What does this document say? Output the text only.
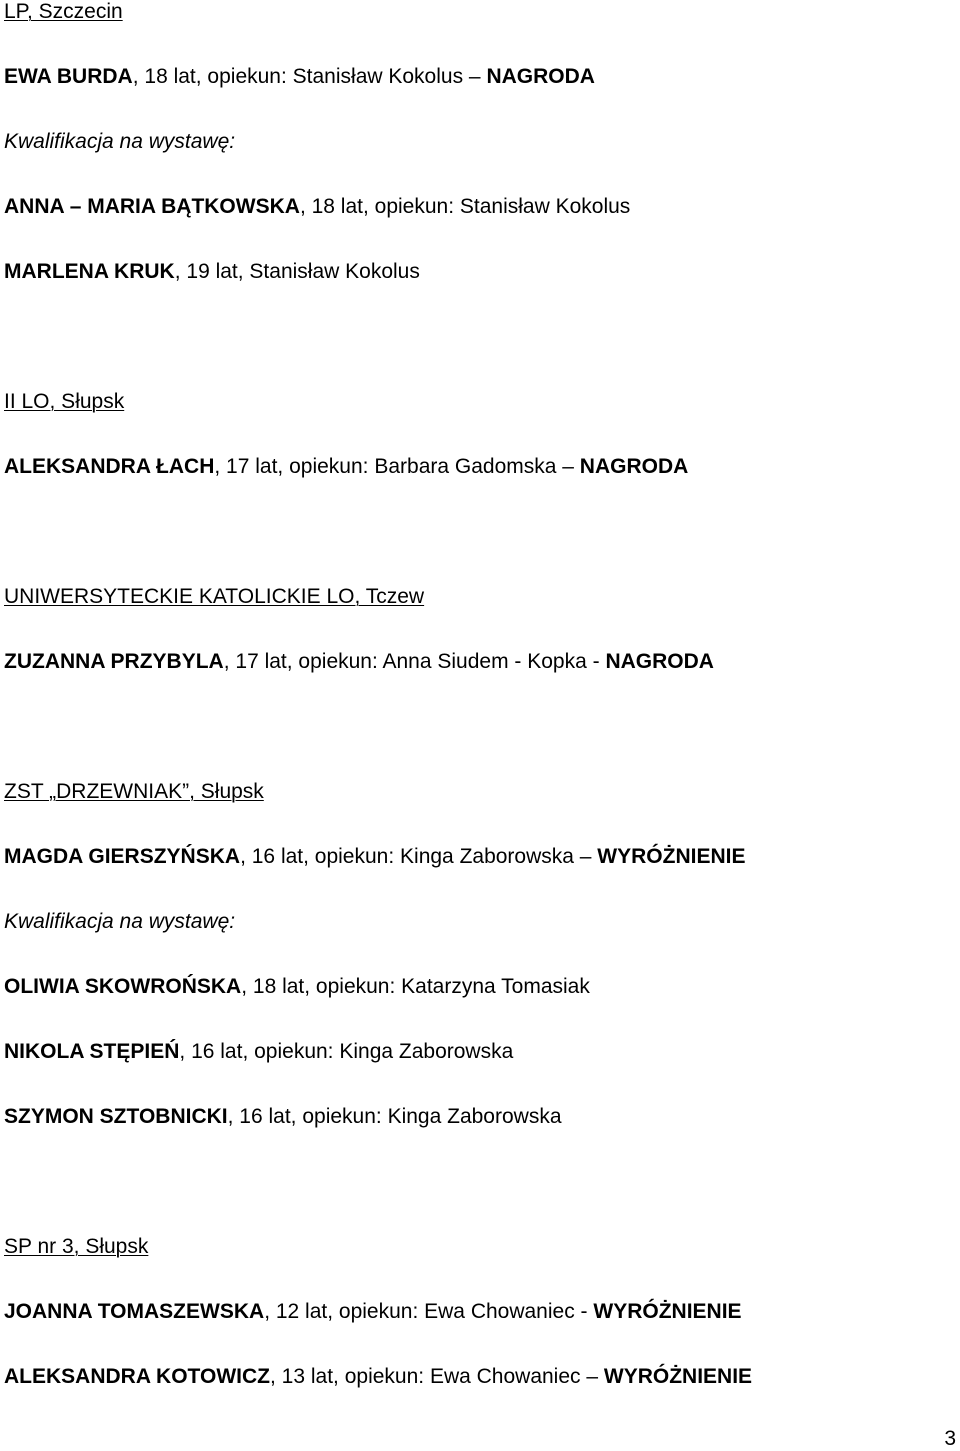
LP, Szczecin
EWA BURDA, 18 lat, opiekun: Stanisław Kokolus – NAGRODA
Kwalifikacja na wystawę:
ANNA – MARIA BĄTKOWSKA, 18 lat, opiekun: Stanisław Kokolus
MARLENA KRUK, 19 lat, Stanisław Kokolus
II LO, Słupsk
ALEKSANDRA ŁACH, 17 lat, opiekun: Barbara Gadomska – NAGRODA
UNIWERSYTECKIE KATOLICKIE LO, Tczew
ZUZANNA PRZYBYLA, 17 lat, opiekun: Anna Siudem - Kopka - NAGRODA
ZST „DRZEWNIAK”, Słupsk
MAGDA GIERSZYŃSKA, 16 lat, opiekun: Kinga Zaborowska – WYRÓŻNIENIE
Kwalifikacja na wystawę:
OLIWIA SKOWROŃSKA, 18 lat, opiekun: Katarzyna Tomasiak
NIKOLA STĘPIEŃ, 16 lat, opiekun: Kinga Zaborowska
SZYMON SZTOBNICKI, 16 lat, opiekun: Kinga Zaborowska
SP nr 3, Słupsk
JOANNA TOMASZEWSKA, 12 lat, opiekun: Ewa Chowaniec - WYRÓŻNIENIE
ALEKSANDRA KOTOWICZ, 13 lat, opiekun: Ewa Chowaniec – WYRÓŻNIENIE
3
